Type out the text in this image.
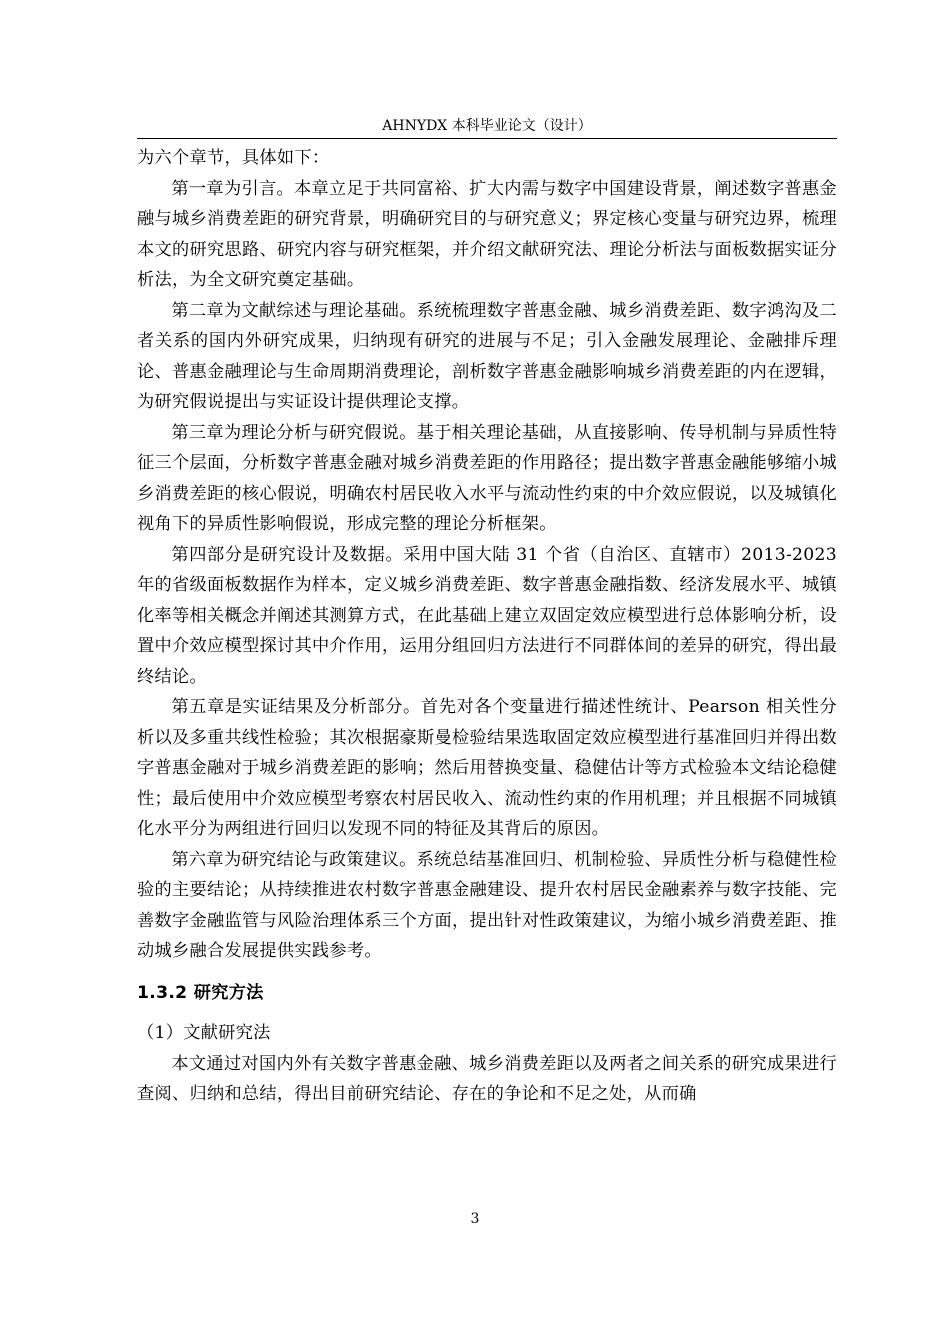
AHNYDX 本科毕业论文（设计）

为六个章节，具体如下：

第一章为引言。本章立足于共同富裕、扩大内需与数字中国建设背景，阐述数字普惠金融与城乡消费差距的研究背景，明确研究目的与研究意义；界定核心变量与研究边界，梳理本文的研究思路、研究内容与研究框架，并介绍文献研究法、理论分析法与面板数据实证分析法，为全文研究奠定基础。

第二章为文献综述与理论基础。系统梳理数字普惠金融、城乡消费差距、数字鸿沟及二者关系的国内外研究成果，归纳现有研究的进展与不足；引入金融发展理论、金融排斥理论、普惠金融理论与生命周期消费理论，剖析数字普惠金融影响城乡消费差距的内在逻辑，为研究假说提出与实证设计提供理论支撑。

第三章为理论分析与研究假说。基于相关理论基础，从直接影响、传导机制与异质性特征三个层面，分析数字普惠金融对城乡消费差距的作用路径；提出数字普惠金融能够缩小城乡消费差距的核心假说，明确农村居民收入水平与流动性约束的中介效应假说，以及城镇化视角下的异质性影响假说，形成完整的理论分析框架。

第四部分是研究设计及数据。采用中国大陆 31 个省（自治区、直辖市）2013-2023 年的省级面板数据作为样本，定义城乡消费差距、数字普惠金融指数、经济发展水平、城镇化率等相关概念并阐述其测算方式，在此基础上建立双固定效应模型进行总体影响分析，设置中介效应模型探讨其中介作用，运用分组回归方法进行不同群体间的差异的研究，得出最终结论。

第五章是实证结果及分析部分。首先对各个变量进行描述性统计、Pearson 相关性分析以及多重共线性检验；其次根据豪斯曼检验结果选取固定效应模型进行基准回归并得出数字普惠金融对于城乡消费差距的影响；然后用替换变量、稳健估计等方式检验本文结论稳健性；最后使用中介效应模型考察农村居民收入、流动性约束的作用机理；并且根据不同城镇化水平分为两组进行回归以发现不同的特征及其背后的原因。

第六章为研究结论与政策建议。系统总结基准回归、机制检验、异质性分析与稳健性检验的主要结论；从持续推进农村数字普惠金融建设、提升农村居民金融素养与数字技能、完善数字金融监管与风险治理体系三个方面，提出针对性政策建议，为缩小城乡消费差距、推动城乡融合发展提供实践参考。

1.3.2 研究方法

（1）文献研究法

本文通过对国内外有关数字普惠金融、城乡消费差距以及两者之间关系的研究成果进行查阅、归纳和总结，得出目前研究结论、存在的争论和不足之处，从而确

3
